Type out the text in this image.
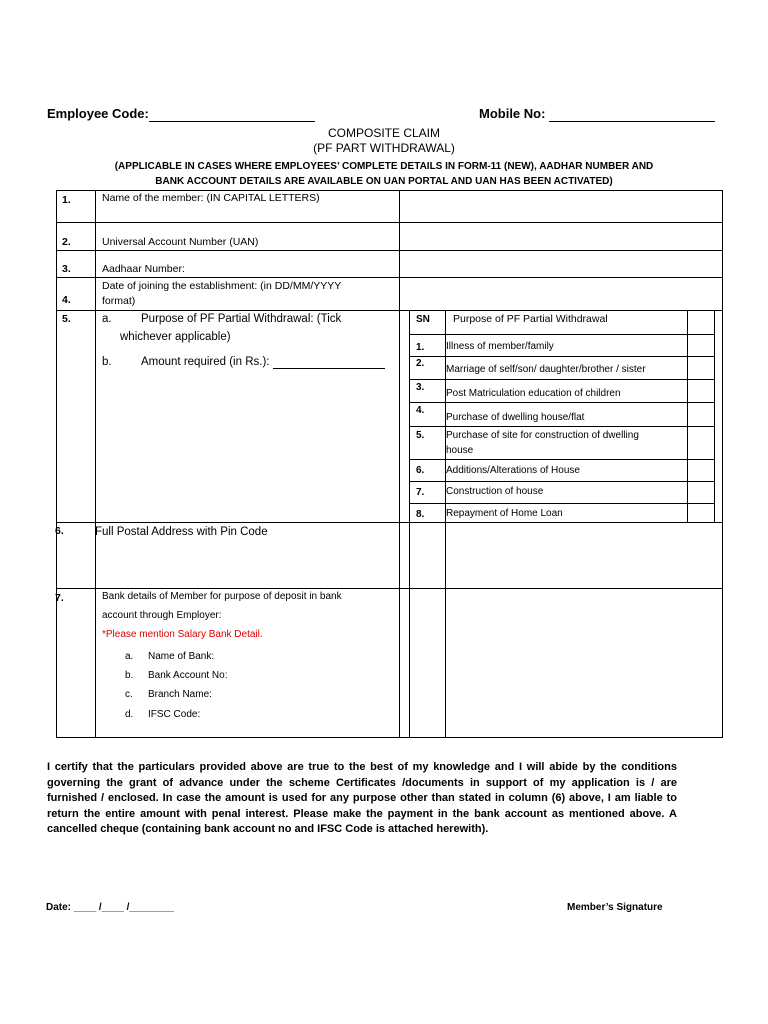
Employee Code:	Mobile No:
COMPOSITE CLAIM
(PF PART WITHDRAWAL)
(APPLICABLE IN CASES WHERE EMPLOYEES’ COMPLETE DETAILS IN FORM-11 (NEW), AADHAR NUMBER AND
BANK ACCOUNT DETAILS ARE AVAILABLE ON UAN PORTAL AND UAN HAS BEEN ACTIVATED)
1.	Name of the member: (IN CAPITAL LETTERS)
2.	Universal Account Number (UAN)
3.	Aadhaar Number:
4.
Date of joining the establishment: (in DD/MM/YYYY
format)
5.	a.	Purpose of PF Partial Withdrawal: (Tick
whichever applicable)
b.	Amount required (in Rs.):
SN Purpose of PF Partial Withdrawal
1. Illness of member/family
2.
Marriage of self/son/ daughter/brother / sister
3.
Post Matriculation education of children
4.
Purchase of dwelling house/flat
5. Purchase of site for construction of dwelling
house
6. Additions/Alterations of House
7. Construction of house
8. Repayment of Home Loan
6.	Full Postal Address with Pin Code
7.	Bank details of Member for purpose of deposit in bank
account through Employer:
*Please mention Salary Bank Detail.
a. Name of Bank:
b. Bank Account No:
c. Branch Name:
d. IFSC Code:
I certify that the particulars provided above are true to the best of my knowledge and I will abide by the conditions governing the grant of advance under the scheme Certificates /documents in support of my application is / are furnished / enclosed. In case the amount is used for any purpose other than stated in column (6) above, I am liable to return the entire amount with penal interest. Please make the payment in the bank account as mentioned above. A cancelled cheque (containing bank account no and IFSC Code is attached herewith).
Date: ____ /____ /________	Member’s Signature
